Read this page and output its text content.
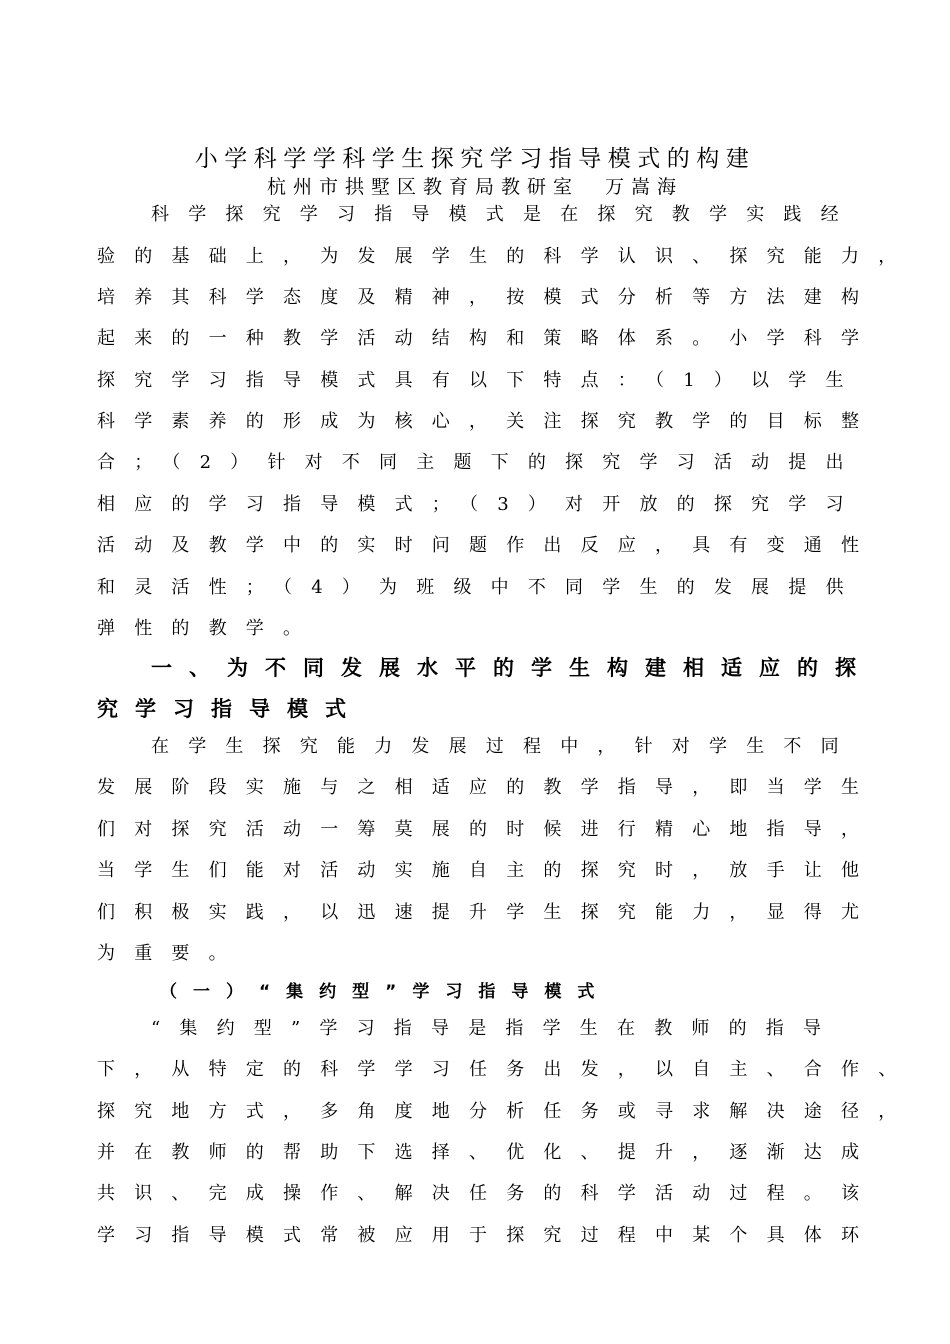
小学科学学科学生探究学习指导模式的构建
杭州市拱墅区教育局教研室 万嵩海
科学探究学习指导模式是在探究教学实践经
验的基础上，为发展学生的科学认识、探究能力，
培养其科学态度及精神，按模式分析等方法建构
起来的一种教学活动结构和策略体系。小学科学
探究学习指导模式具有以下特点：（1）以学生
科学素养的形成为核心，关注探究教学的目标整
合；（2）针对不同主题下的探究学习活动提出
相应的学习指导模式；（3）对开放的探究学习
活动及教学中的实时问题作出反应，具有变通性
和灵活性；（4）为班级中不同学生的发展提供
弹性的教学。
一、为不同发展水平的学生构建相适应的探
究学习指导模式
在学生探究能力发展过程中，针对学生不同
发展阶段实施与之相适应的教学指导，即当学生
们对探究活动一筹莫展的时候进行精心地指导，
当学生们能对活动实施自主的探究时，放手让他
们积极实践，以迅速提升学生探究能力，显得尤
为重要。
（一）“集约型”学习指导模式
“集约型”学习指导是指学生在教师的指导
下，从特定的科学学习任务出发，以自主、合作、
探究地方式，多角度地分析任务或寻求解决途径，
并在教师的帮助下选择、优化、提升，逐渐达成
共识、完成操作、解决任务的科学活动过程。该
学习指导模式常被应用于探究过程中某个具体环
